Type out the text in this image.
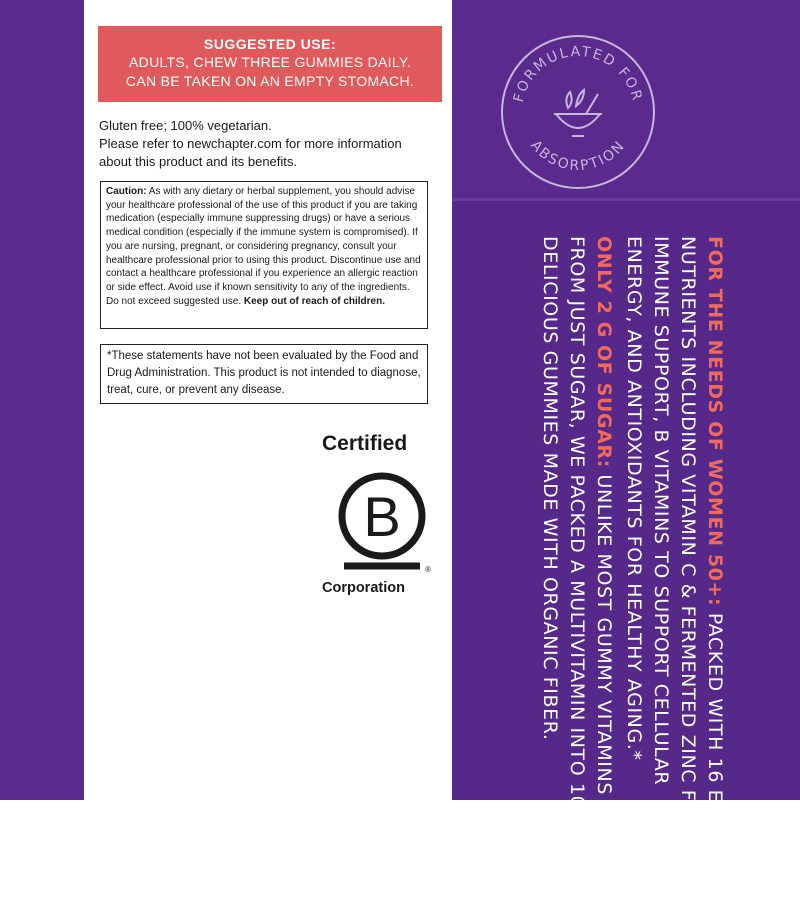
SUGGESTED USE:
ADULTS, CHEW THREE GUMMIES DAILY.
CAN BE TAKEN ON AN EMPTY STOMACH.
Gluten free; 100% vegetarian.
Please refer to newchapter.com for more information
about this product and its benefits.
Caution: As with any dietary or herbal supplement, you should advise your healthcare professional of the use of this product if you are taking medication (especially immune suppressing drugs) or have a serious medical condition (especially if the immune system is compromised). If you are nursing, pregnant, or considering pregnancy, consult your healthcare professional prior to using this product. Discontinue use and contact a healthcare professional if you experience an allergic reaction or side effect. Avoid use if known sensitivity to any of the ingredients. Do not exceed suggested use. Keep out of reach of children.
*These statements have not been evaluated by the Food and Drug Administration. This product is not intended to diagnose, treat, cure, or prevent any disease.
Certified
B
®
Corporation
FORMULATED FOR
ABSORPTION
FOR THE NEEDS OF WOMEN 50+: PACKED WITH 16 ESSENTIAL
NUTRIENTS INCLUDING VITAMIN C & FERMENTED ZINC FOR
IMMUNE SUPPORT, B VITAMINS TO SUPPORT CELLULAR
ENERGY, AND ANTIOXIDANTS FOR HEALTHY AGING.*
ONLY 2 G OF SUGAR: UNLIKE MOST GUMMY VITAMINS MADE
FROM JUST SUGAR, WE PACKED A MULTIVITAMIN INTO 100%
DELICIOUS GUMMIES MADE WITH ORGANIC FIBER.
